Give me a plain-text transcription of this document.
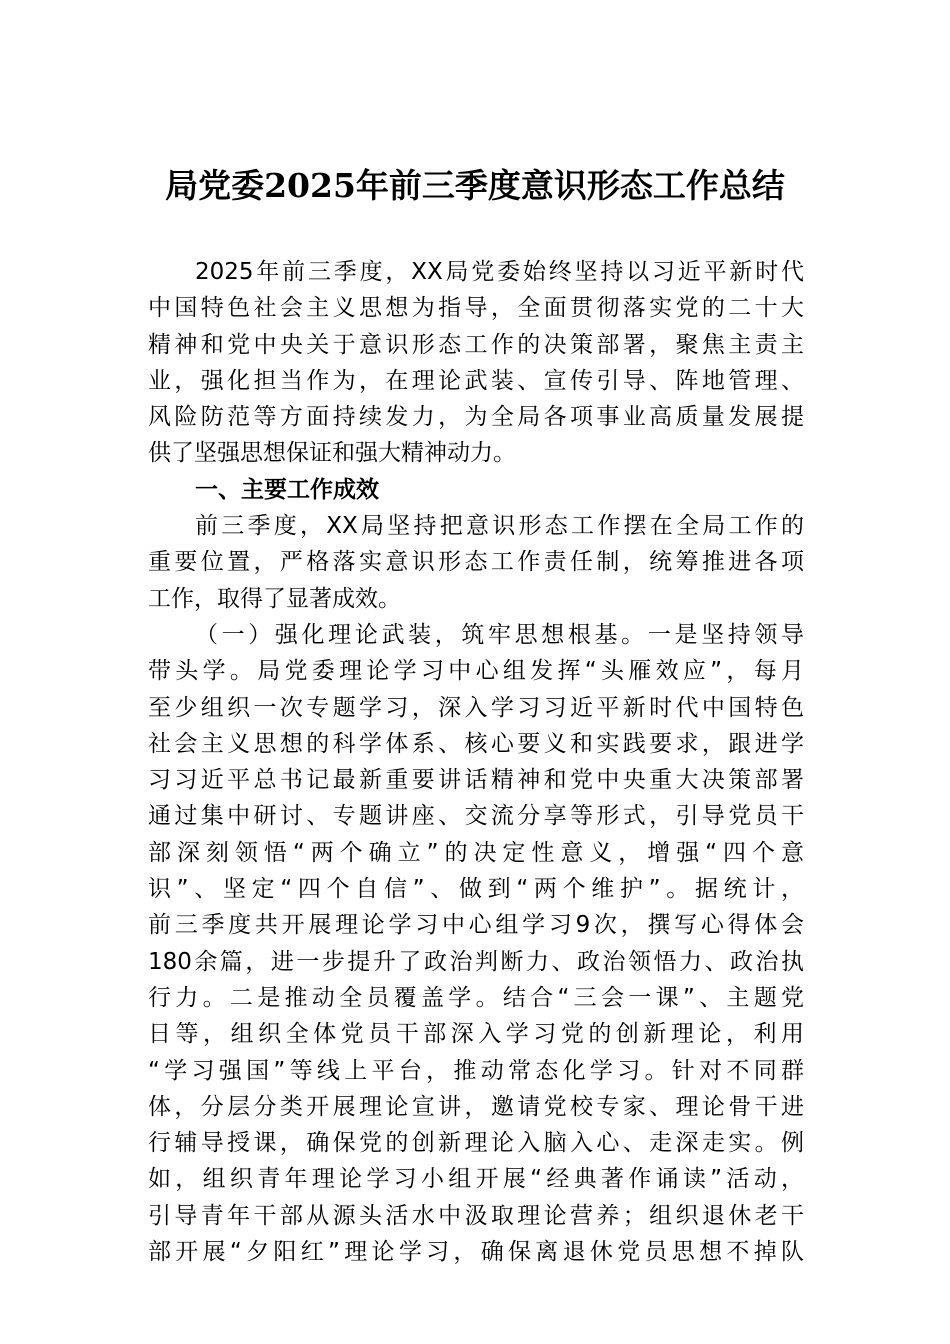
局党委2025年前三季度意识形态工作总结
2025年前三季度，XX局党委始终坚持以习近平新时代
中国特色社会主义思想为指导，全面贯彻落实党的二十大
精神和党中央关于意识形态工作的决策部署，聚焦主责主
业，强化担当作为，在理论武装、宣传引导、阵地管理、
风险防范等方面持续发力，为全局各项事业高质量发展提
供了坚强思想保证和强大精神动力。
一、主要工作成效
前三季度，XX局坚持把意识形态工作摆在全局工作的
重要位置，严格落实意识形态工作责任制，统筹推进各项
工作，取得了显著成效。
（一）强化理论武装，筑牢思想根基。一是坚持领导
带头学。局党委理论学习中心组发挥“头雁效应”，每月
至少组织一次专题学习，深入学习习近平新时代中国特色
社会主义思想的科学体系、核心要义和实践要求，跟进学
习习近平总书记最新重要讲话精神和党中央重大决策部署
通过集中研讨、专题讲座、交流分享等形式，引导党员干
部深刻领悟“两个确立”的决定性意义，增强“四个意
识”、坚定“四个自信”、做到“两个维护”。据统计，
前三季度共开展理论学习中心组学习9次，撰写心得体会
180余篇，进一步提升了政治判断力、政治领悟力、政治执
行力。二是推动全员覆盖学。结合“三会一课”、主题党
日等，组织全体党员干部深入学习党的创新理论，利用
“学习强国”等线上平台，推动常态化学习。针对不同群
体，分层分类开展理论宣讲，邀请党校专家、理论骨干进
行辅导授课，确保党的创新理论入脑入心、走深走实。例
如，组织青年理论学习小组开展“经典著作诵读”活动，
引导青年干部从源头活水中汲取理论营养；组织退休老干
部开展“夕阳红”理论学习，确保离退休党员思想不掉队
